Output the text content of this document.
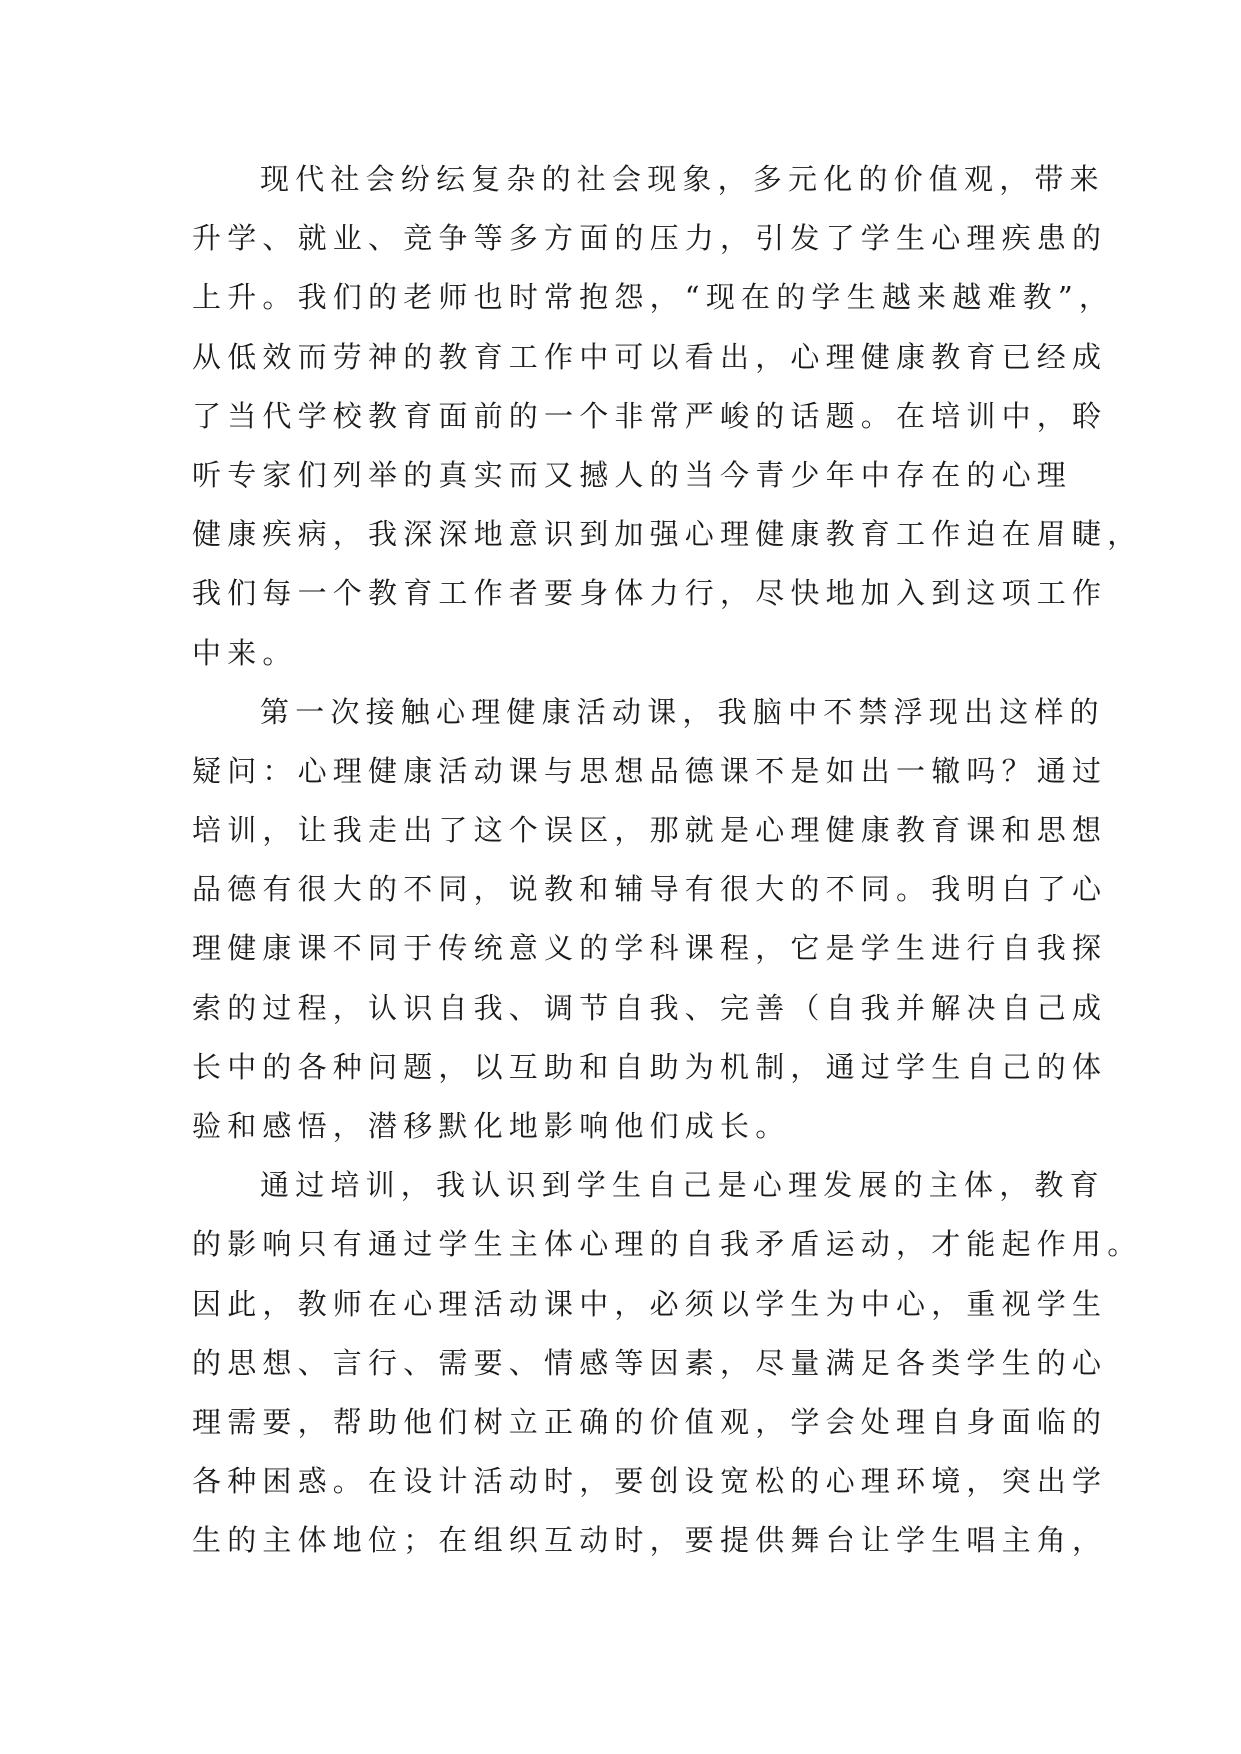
现代社会纷纭复杂的社会现象，多元化的价值观，带来
升学、就业、竞争等多方面的压力，引发了学生心理疾患的
上升。我们的老师也时常抱怨，“现在的学生越来越难教”，
从低效而劳神的教育工作中可以看出，心理健康教育已经成
了当代学校教育面前的一个非常严峻的话题。在培训中，聆
听专家们列举的真实而又撼人的当今青少年中存在的心理
健康疾病，我深深地意识到加强心理健康教育工作迫在眉睫，
我们每一个教育工作者要身体力行，尽快地加入到这项工作
中来。
第一次接触心理健康活动课，我脑中不禁浮现出这样的
疑问：心理健康活动课与思想品德课不是如出一辙吗？通过
培训，让我走出了这个误区，那就是心理健康教育课和思想
品德有很大的不同，说教和辅导有很大的不同。我明白了心
理健康课不同于传统意义的学科课程，它是学生进行自我探
索的过程，认识自我、调节自我、完善（自我并解决自己成
长中的各种问题，以互助和自助为机制，通过学生自己的体
验和感悟，潜移默化地影响他们成长。
通过培训，我认识到学生自己是心理发展的主体，教育
的影响只有通过学生主体心理的自我矛盾运动，才能起作用。
因此，教师在心理活动课中，必须以学生为中心，重视学生
的思想、言行、需要、情感等因素，尽量满足各类学生的心
理需要，帮助他们树立正确的价值观，学会处理自身面临的
各种困惑。在设计活动时，要创设宽松的心理环境，突出学
生的主体地位；在组织互动时，要提供舞台让学生唱主角，
